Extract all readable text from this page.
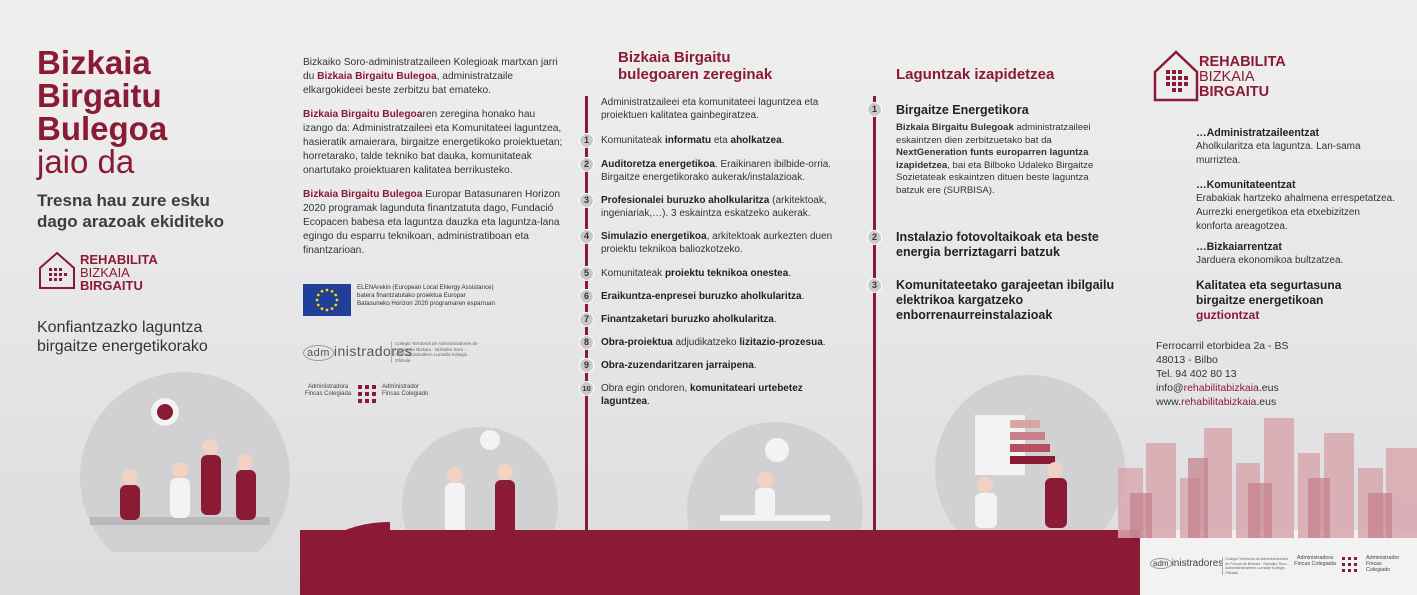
Bizkaia
Birgaitu
Bulegoa
jaio da
Tresna hau zure esku
dago arazoak ekiditeko
REHABILITA
BIZKAIA
BIRGAITU
Konfiantzazko laguntza
birgaitze energetikorako

Bizkaiko Soro-administratzaileen Kolegioak martxan jarri du Bizkaia Birgaitu Bulegoa, administratzaile elkargokideei beste zerbitzu bat emateko.

Bizkaia Birgaitu Bulegoaren zeregina honako hau izango da: Administratzaileei eta Komunitateei laguntzea, hasieratik amaierara, birgaitze energetikoko proiektuetan; horretarako, talde tekniko bat dauka, komunitateak onartutako proiektuaren kalitatea berrikusteko.

Bizkaia Birgaitu Bulegoa Europar Batasunaren Horizon 2020 programak lagunduta finantzatuta dago, Fundació Ecopacen babesa eta laguntza dauzka eta laguntza-lana egingo du esparru teknikoan, administratiboan eta finantzarioan.

ELENArekin (European Local ENergy Assistance) batera finantzatutako proiektua Europar Batasuneko Horizon 2020 programaren esparruan
adm inistradores
Colegio Territorial de Administradores de Fincas de Bizkaia · Bizkaiko Soro - Administratzaileen Lurralde Kolegio Ofiziala
Administradora Fincas Colegiada
Administrador Fincas Colegiado
Bizkaia Birgaitu
bulegoaren zereginak
Administratzaileei eta komunitateei laguntzea eta proiektuen kalitatea gainbegiratzea.
1	Komunitateak informatu eta aholkatzea.
2	Auditoretza energetikoa. Eraikinaren ibilbide-orria. Birgaitze energetikorako aukerak/instalazioak.
3	Profesionalei buruzko aholkularitza (arkitektoak, ingeniariak,…). 3 eskaintza eskatzeko aukerak.
4	Simulazio energetikoa, arkitektoak aurkezten duen proiektu teknikoa baliozkotzeko.
5	Komunitateak proiektu teknikoa onestea.
6	Eraikuntza-enpresei buruzko aholkularitza.
7	Finantzaketari buruzko aholkularitza.
8	Obra-proiektua adjudikatzeko lizitazio-prozesua.
9	Obra-zuzendaritzaren jarraipena.
10	Obra egin ondoren, komunitateari urtebetez laguntzea.
Laguntzak izapidetzea
1	Birgaitze Energetikora
Bizkaia Birgaitu Bulegoak administratzaileei eskaintzen dien zerbitzuetako bat da NextGeneration funts europarren laguntza izapidetzea, bai eta Bilboko Udaleko Birgaitze Sozietateak eskaintzen dituen beste laguntza batzuk ere (SURBISA).
2	Instalazio fotovoltaikoak eta beste energia berriztagarri batzuk
3	Komunitateetako garajeetan ibilgailu elektrikoa kargatzeko enborrenaurreinstalazioak
REHABILITA
BIZKAIA
BIRGAITU
…Administratzaileentzat
Aholkularitza eta laguntza. Lan-sama murriztea.
…Komunitateentzat
Erabakiak hartzeko ahalmena errespetatzea. Aurrezki energetikoa eta etxebizitzen konforta areagotzea.
…Bizkaiarrentzat
Jarduera ekonomikoa bultzatzea.
Kalitatea eta segurtasuna birgaitze energetikoan guztiontzat
Ferrocarril etorbidea 2a - BS
48013 - Bilbo
Tel. 94 402 80 13
info@rehabilitabizkaia.eus
www.rehabilitabizkaia.eus
adm inistradores Colegio Territorial de Administradores de Fincas de Bizkaia · Bizkaiko Soro - Administratzaileen Lurralde Kolegio Ofiziala
Administradora Fincas Colegiada
Administrador Fincas Colegiado
